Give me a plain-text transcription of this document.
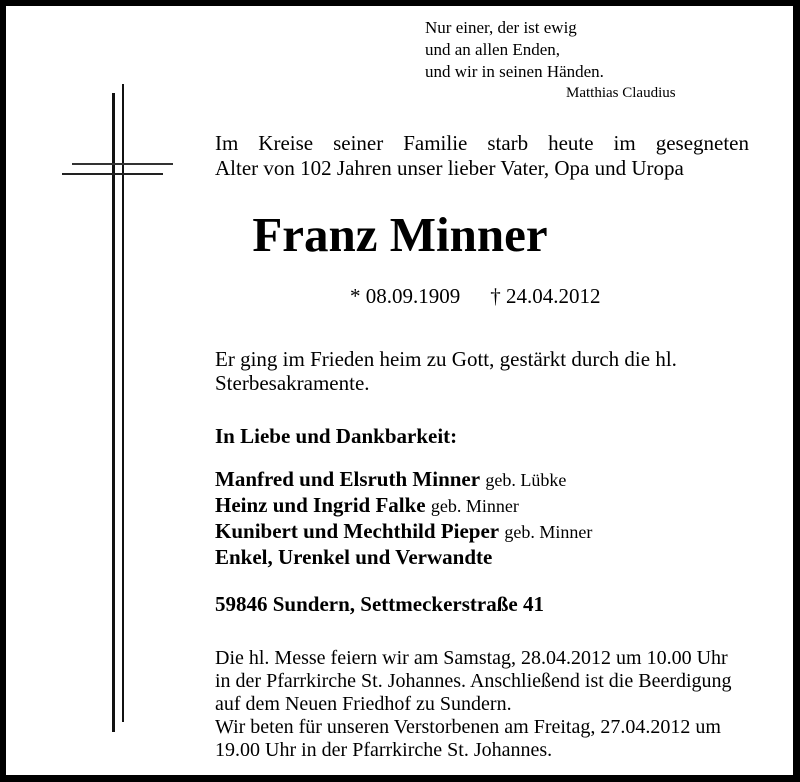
Nur einer, der ist ewig
und an allen Enden,
und wir in seinen Händen.
Matthias Claudius
Im Kreise seiner Familie starb heute im gesegneten
Alter von 102 Jahren unser lieber Vater, Opa und Uropa
Franz Minner
* 08.09.1909 † 24.04.2012
Er ging im Frieden heim zu Gott, gestärkt durch die hl.
Sterbesakramente.
In Liebe und Dankbarkeit:
Manfred und Elsruth Minner geb. Lübke
Heinz und Ingrid Falke geb. Minner
Kunibert und Mechthild Pieper geb. Minner
Enkel, Urenkel und Verwandte
59846 Sundern, Settmeckerstraße 41
Die hl. Messe feiern wir am Samstag, 28.04.2012 um 10.00 Uhr
in der Pfarrkirche St. Johannes. Anschließend ist die Beerdigung
auf dem Neuen Friedhof zu Sundern.
Wir beten für unseren Verstorbenen am Freitag, 27.04.2012 um
19.00 Uhr in der Pfarrkirche St. Johannes.
